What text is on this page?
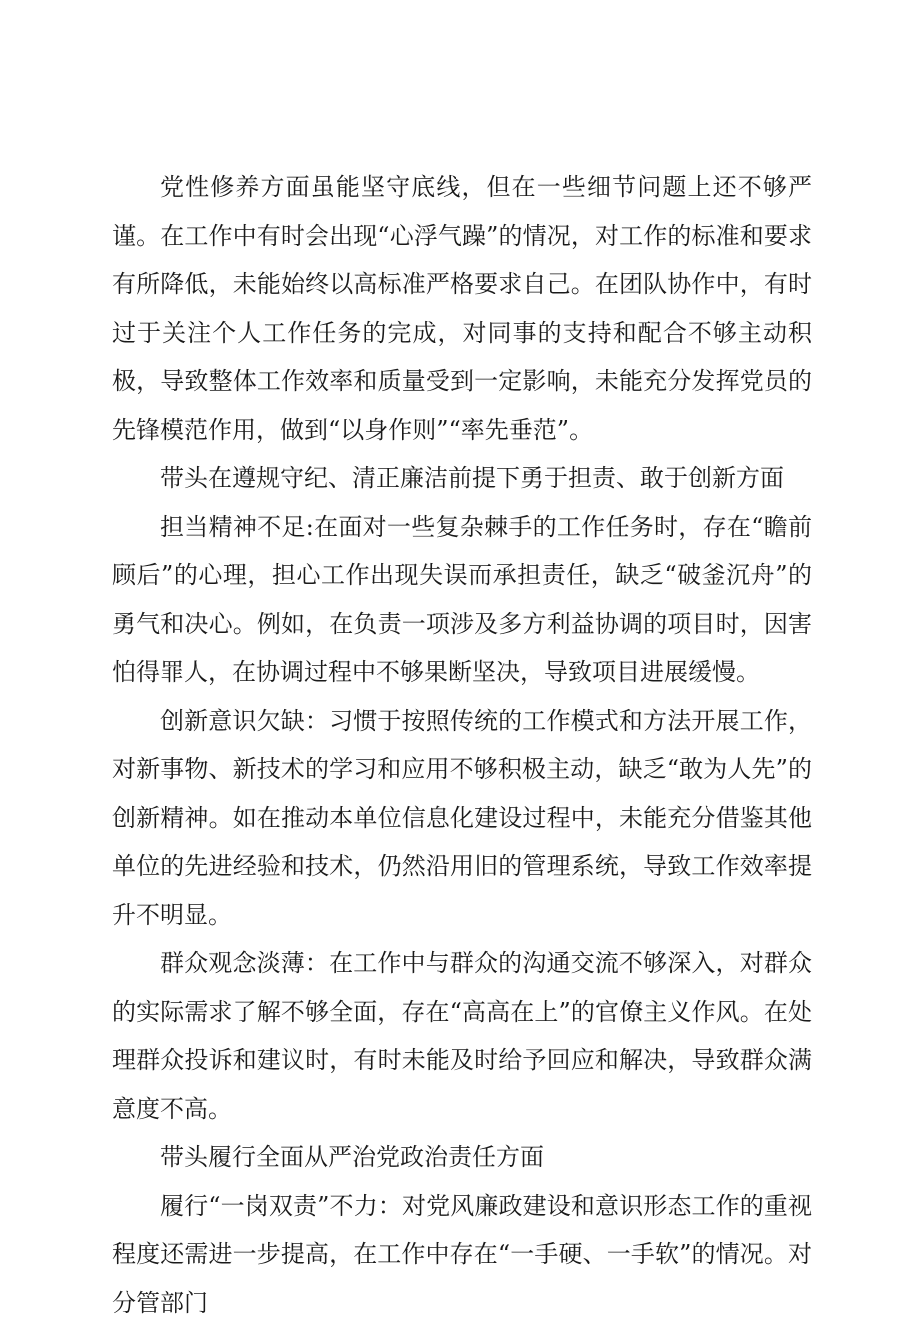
党性修养方面虽能坚守底线，但在一些细节问题上还不够严谨。在工作中有时会出现“心浮气躁”的情况，对工作的标准和要求有所降低，未能始终以高标准严格要求自己。在团队协作中，有时过于关注个人工作任务的完成，对同事的支持和配合不够主动积极，导致整体工作效率和质量受到一定影响，未能充分发挥党员的先锋模范作用，做到“以身作则”“率先垂范”。

带头在遵规守纪、清正廉洁前提下勇于担责、敢于创新方面

担当精神不足:在面对一些复杂棘手的工作任务时，存在“瞻前顾后”的心理，担心工作出现失误而承担责任，缺乏“破釜沉舟”的勇气和决心。例如，在负责一项涉及多方利益协调的项目时，因害怕得罪人，在协调过程中不够果断坚决，导致项目进展缓慢。

创新意识欠缺：习惯于按照传统的工作模式和方法开展工作，对新事物、新技术的学习和应用不够积极主动，缺乏“敢为人先”的创新精神。如在推动本单位信息化建设过程中，未能充分借鉴其他单位的先进经验和技术，仍然沿用旧的管理系统，导致工作效率提升不明显。

群众观念淡薄：在工作中与群众的沟通交流不够深入，对群众的实际需求了解不够全面，存在“高高在上”的官僚主义作风。在处理群众投诉和建议时，有时未能及时给予回应和解决，导致群众满意度不高。

带头履行全面从严治党政治责任方面

履行“一岗双责”不力：对党风廉政建设和意识形态工作的重视程度还需进一步提高，在工作中存在“一手硬、一手软”的情况。对分管部门
